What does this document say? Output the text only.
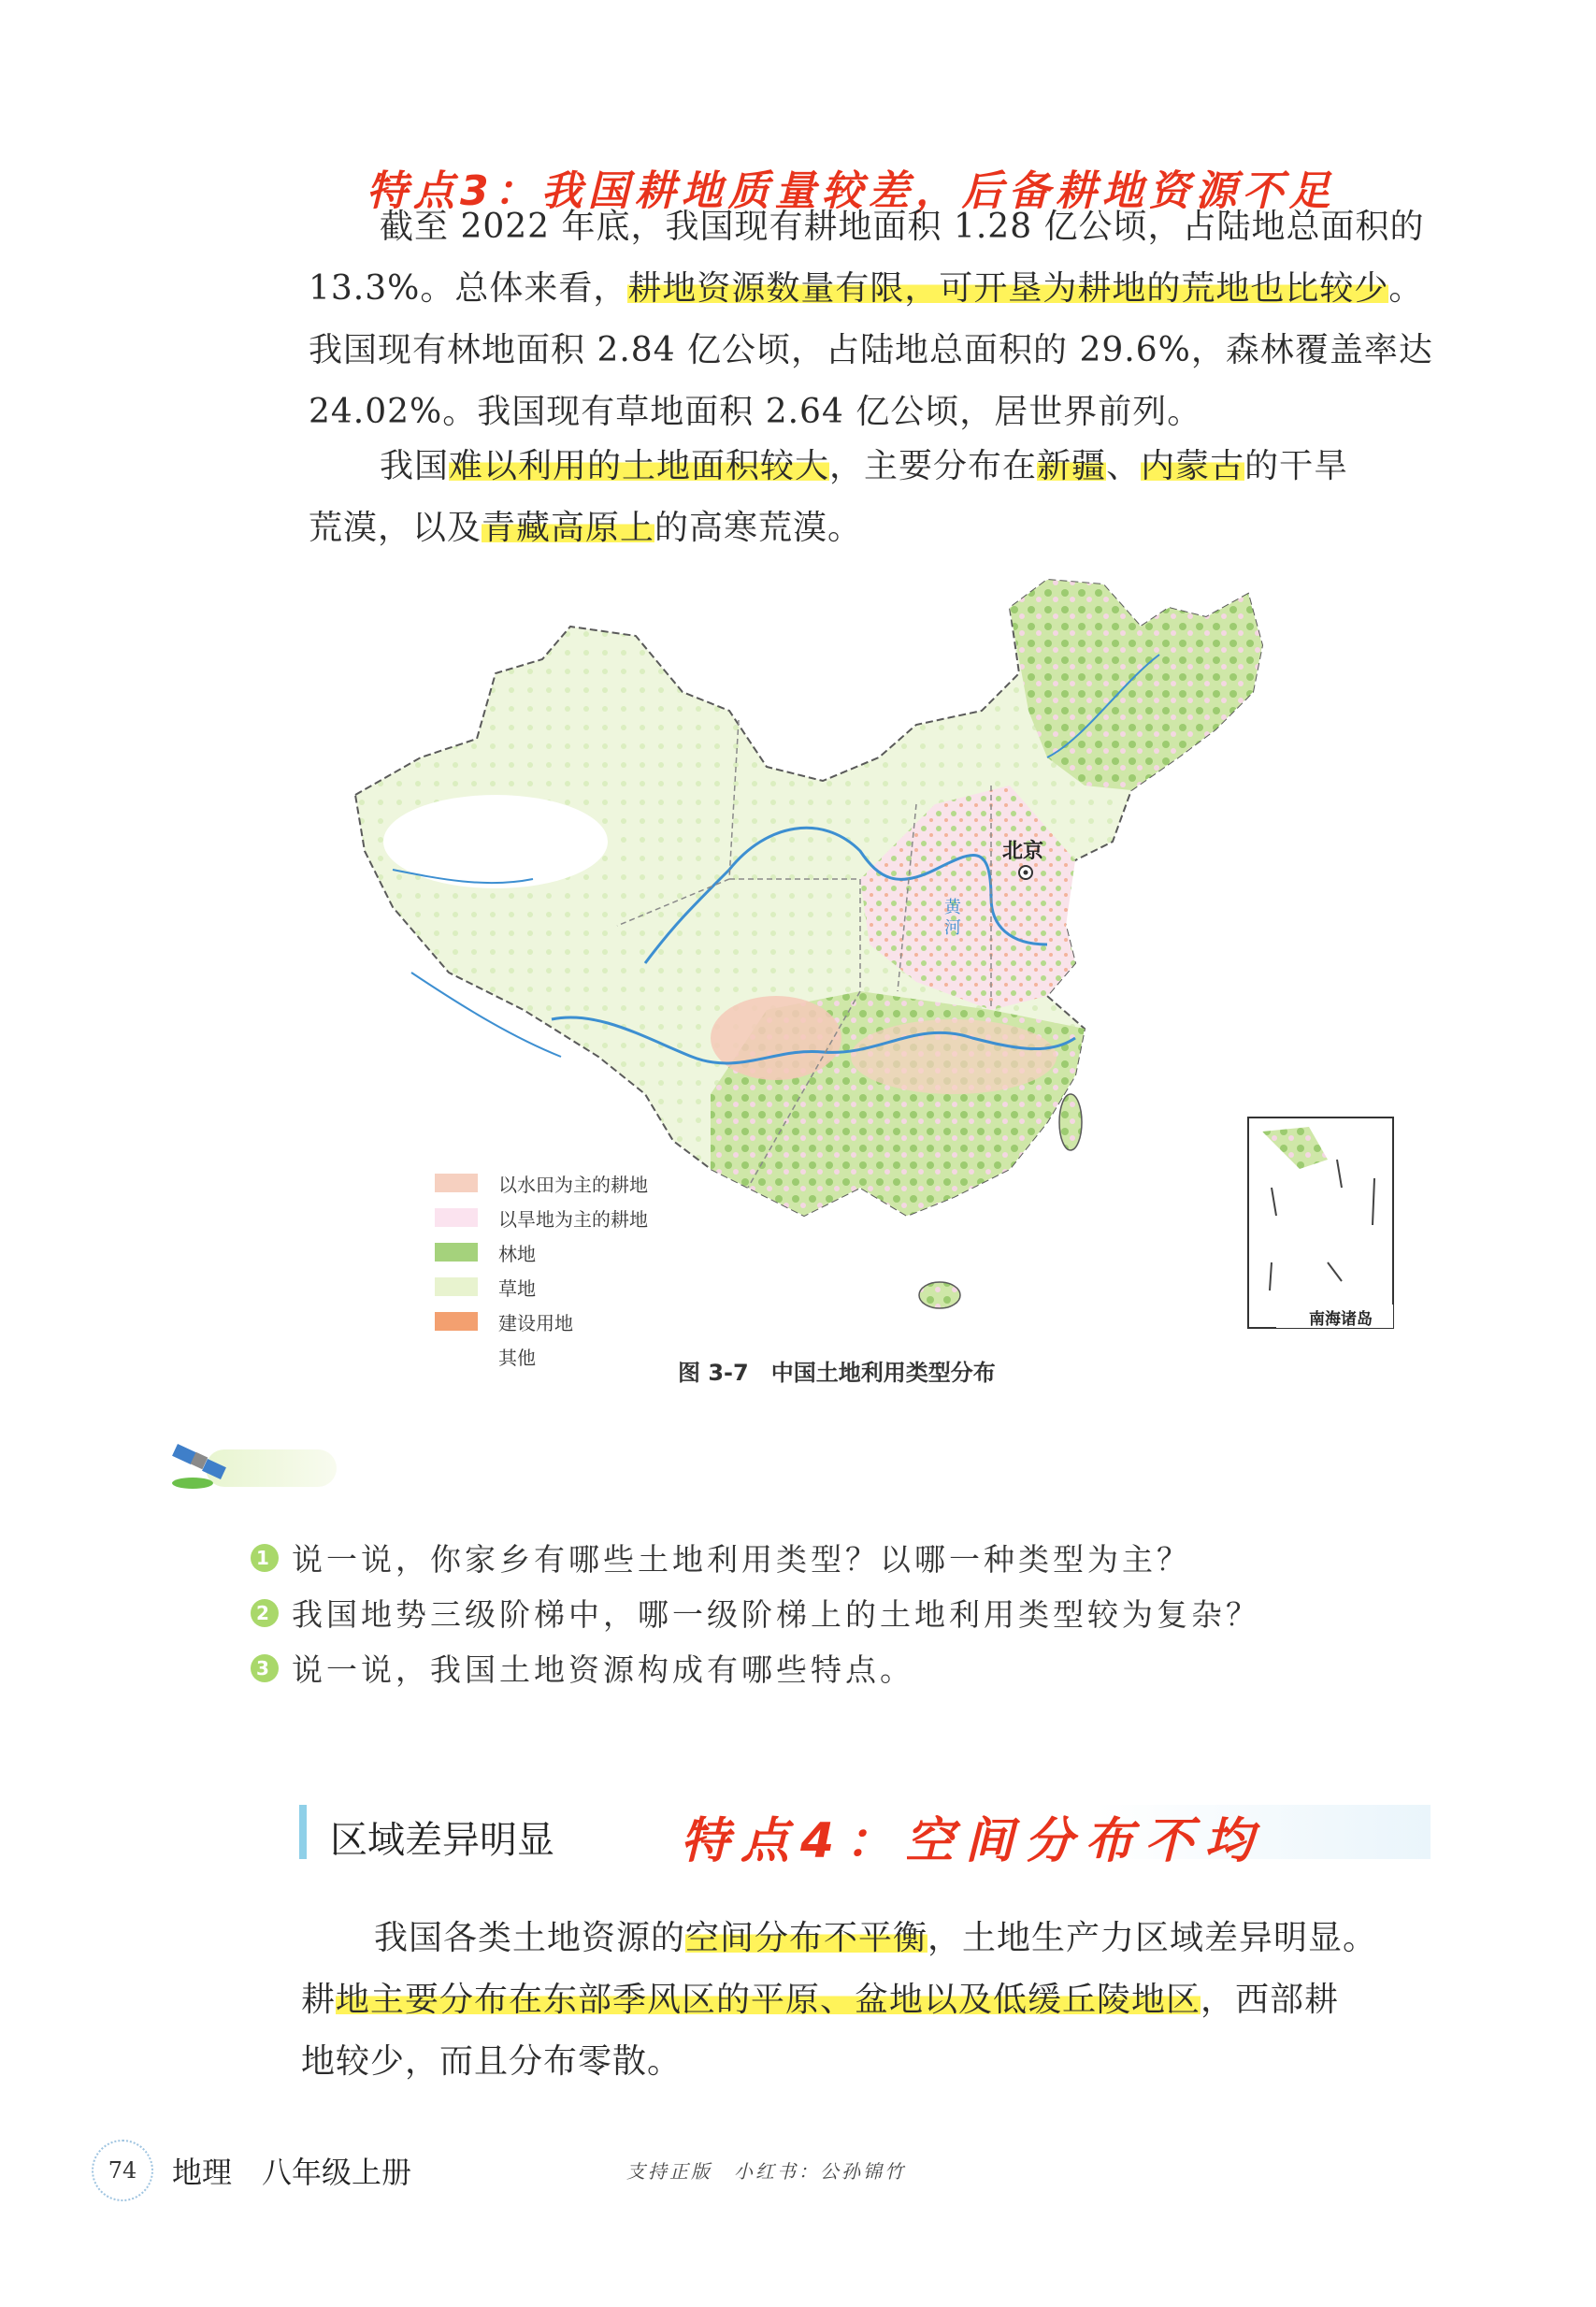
特点3：我国耕地质量较差，后备耕地资源不足
截至 2022 年底，我国现有耕地面积 1.28 亿公顷，占陆地总面积的
13.3%。总体来看，耕地资源数量有限，可开垦为耕地的荒地也比较少。
我国现有林地面积 2.84 亿公顷，占陆地总面积的 29.6%，森林覆盖率达
24.02%。我国现有草地面积 2.64 亿公顷，居世界前列。
我国难以利用的土地面积较大，主要分布在新疆、内蒙古的干旱
荒漠，以及青藏高原上的高寒荒漠。
北京
黄河
南海诸岛
以水田为主的耕地
以旱地为主的耕地
林地
草地
建设用地
其他
图 3-7　中国土地利用类型分布
1 说一说，你家乡有哪些土地利用类型？以哪一种类型为主？
2 我国地势三级阶梯中，哪一级阶梯上的土地利用类型较为复杂？
3 说一说，我国土地资源构成有哪些特点。
区域差异明显	特点4：空间分布不均
我国各类土地资源的空间分布不平衡，土地生产力区域差异明显。
耕地主要分布在东部季风区的平原、盆地以及低缓丘陵地区，西部耕
地较少，而且分布零散。
74 地理　八年级上册	支持正版　小红书：公孙锦竹
